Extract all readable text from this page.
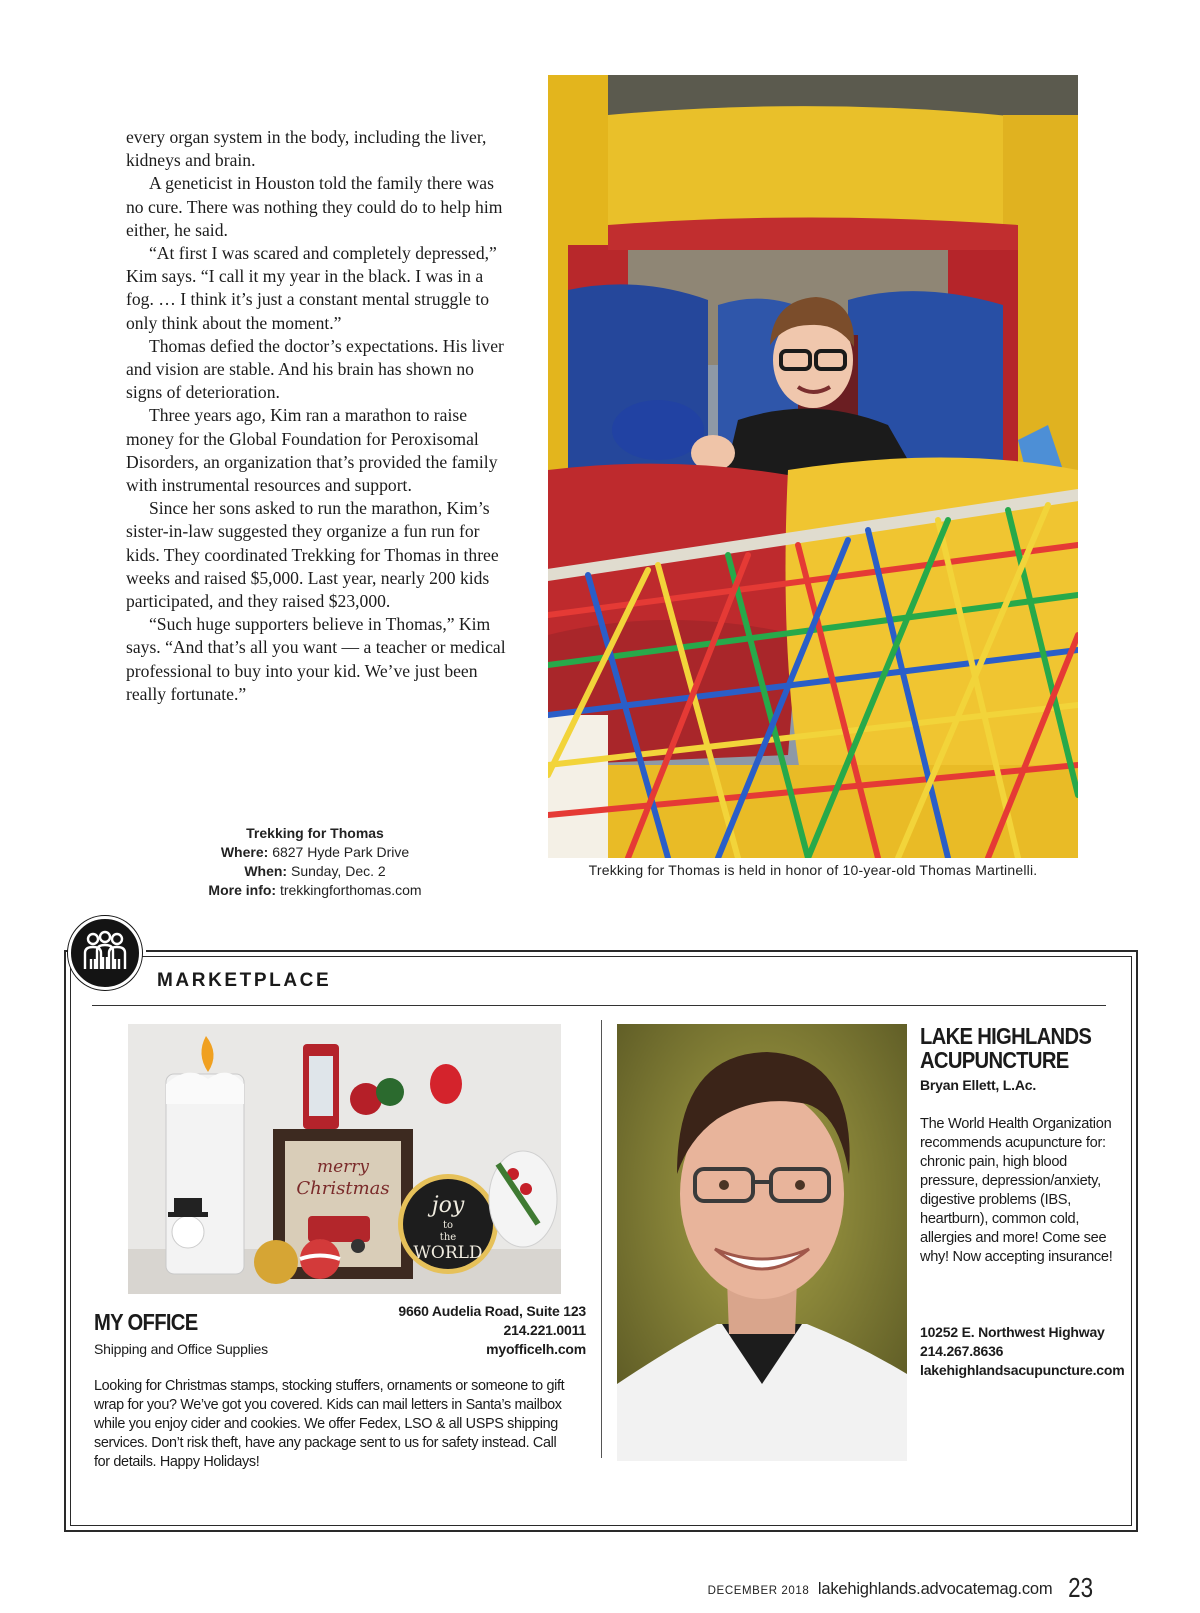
every organ system in the body, including the liver, kidneys and brain.

A geneticist in Houston told the family there was no cure. There was nothing they could do to help him either, he said.

“At first I was scared and completely depressed,” Kim says. “I call it my year in the black. I was in a fog. … I think it’s just a constant mental struggle to only think about the moment.”

Thomas defied the doctor’s expectations. His liver and vision are stable. And his brain has shown no signs of deterioration.

Three years ago, Kim ran a marathon to raise money for the Global Foundation for Peroxisomal Disorders, an organization that’s provided the family with instrumental resources and support.

Since her sons asked to run the marathon, Kim’s sister-in-law suggested they organize a fun run for kids. They coordinated Trekking for Thomas in three weeks and raised $5,000. Last year, nearly 200 kids participated, and they raised $23,000.

“Such huge supporters believe in Thomas,” Kim says. “And that’s all you want — a teacher or medical professional to buy into your kid. We’ve just been really fortunate.”

Trekking for Thomas
Where: 6827 Hyde Park Drive
When: Sunday, Dec. 2
More info: trekkingforthomas.com
Trekking for Thomas is held in honor of 10-year-old Thomas Martinelli.
MARKETPLACE
merry
Christmas
joy
to
the
WORLD
MY OFFICE
Shipping and Office Supplies
9660 Audelia Road, Suite 123
214.221.0011
myofficelh.com
Looking for Christmas stamps, stocking stuffers, ornaments or someone to gift wrap for you? We’ve got you covered. Kids can mail letters in Santa’s mailbox while you enjoy cider and cookies. We offer Fedex, LSO & all USPS shipping services. Don’t risk theft, have any package sent to us for safety instead. Call for details. Happy Holidays!
LAKE HIGHLANDS
ACUPUNCTURE
Bryan Ellett, L.Ac.
The World Health Organization recommends acupuncture for: chronic pain, high blood pressure, depression/anxiety, digestive problems (IBS, heartburn), common cold, allergies and more! Come see why! Now accepting insurance!
10252 E. Northwest Highway
214.267.8636
lakehighlandsacupuncture.com
DECEMBER 2018 lakehighlands.advocatemag.com 23
